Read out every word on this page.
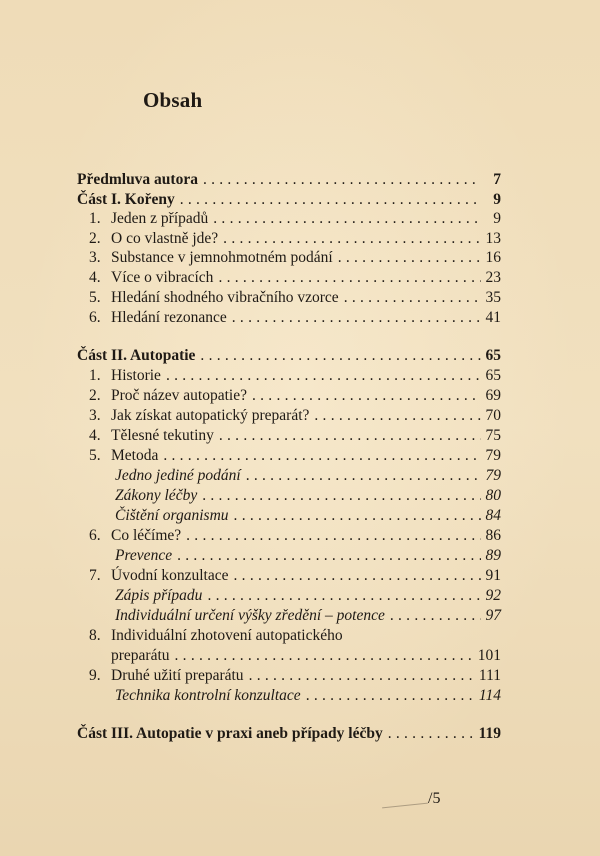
Obsah
Předmluva autora . . .	7
Část I. Kořeny . . .	9
1. Jeden z případů . . .	9
2. O co vlastně jde? . . .	13
3. Substance v jemnohmotném podání . . .	16
4. Více o vibracích . . .	23
5. Hledání shodného vibračního vzorce . . .	35
6. Hledání rezonance . . .	41
Část II. Autopatie . . .	65
1. Historie . . .	65
2. Proč název autopatie? . . .	69
3. Jak získat autopatický preparát? . . .	70
4. Tělesné tekutiny . . .	75
5. Metoda . . .	79
Jedno jediné podání . . .	79
Zákony léčby . . .	80
Čištění organismu . . .	84
6. Co léčíme? . . .	86
Prevence . . .	89
7. Úvodní konzultace . . .	91
Zápis případu . . .	92
Individuální určení výšky zředění – potence . . .	97
8. Individuální zhotovení autopatického
preparátu . . .	101
9. Druhé užití preparátu . . .	111
Technika kontrolní konzultace . . .	114
Část III. Autopatie v praxi aneb případy léčby . . .	119
/5
